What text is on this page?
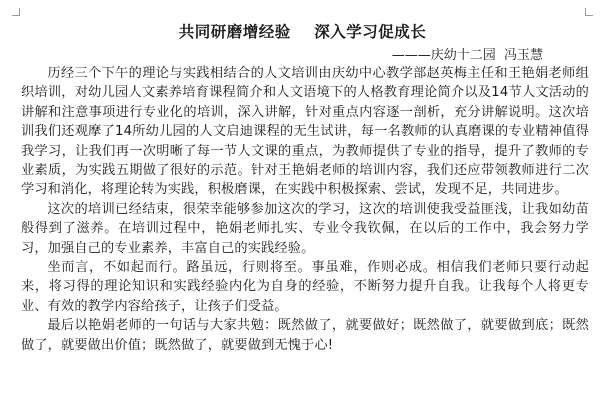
共同研磨增经验    深入学习促成长
———庆幼十二园  冯玉慧

历经三个下午的理论与实践相结合的人文培训由庆幼中心教学部赵英梅主任和王艳娟老师组织培训，对幼儿园人文素养培育课程简介和人文语境下的人格教育理论简介以及14节人文活动的讲解和注意事项进行专业化的培训，深入讲解，针对重点内容逐一剖析，充分讲解说明。这次培训我们还观摩了14所幼儿园的人文启迪课程的无生试讲，每一名教师的认真磨课的专业精神值得我学习，让我们再一次明晰了每一节人文课的重点，为教师提供了专业的指导，提升了教师的专业素质，为实践五期做了很好的示范。针对王艳娟老师的培训内容，我们还应带领教师进行二次学习和消化，将理论转为实践，积极磨课，在实践中积极探索、尝试，发现不足，共同进步。

这次的培训已经结束，很荣幸能够参加这次的学习，这次的培训使我受益匪浅，让我如幼苗般得到了滋养。在培训过程中，艳娟老师扎实、专业令我钦佩，在以后的工作中，我会努力学习，加强自己的专业素养，丰富自己的实践经验。

坐而言，不如起而行。路虽远，行则将至。事虽难，作则必成。相信我们老师只要行动起来，将习得的理论知识和实践经验内化为自身的经验，不断努力提升自我。让我每个人将更专业、有效的教学内容给孩子，让孩子们受益。

最后以艳娟老师的一句话与大家共勉：既然做了，就要做好；既然做了，就要做到底；既然做了，就要做出价值；既然做了，就要做到无愧于心!
